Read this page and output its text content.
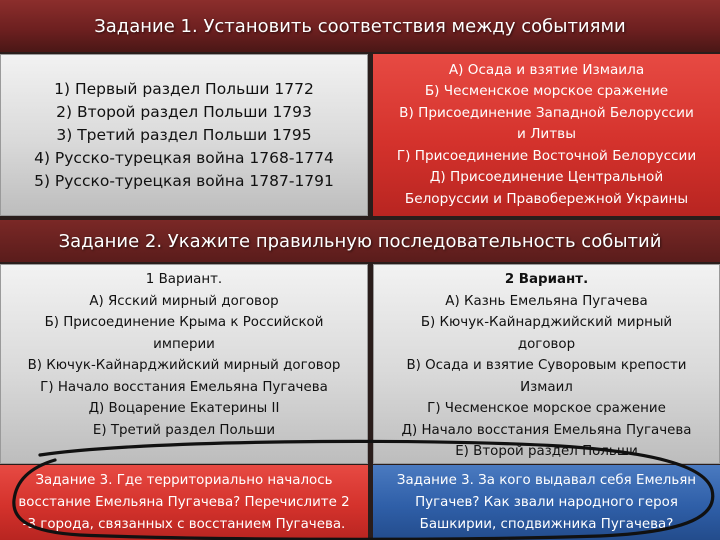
Задание 1. Установить соответствия между событиями
1) Первый раздел Польши 1772
2) Второй раздел Польши 1793
3) Третий раздел Польши 1795
4) Русско-турецкая война 1768-1774
5) Русско-турецкая война 1787-1791
А) Осада и взятие Измаила
Б) Чесменское морское сражение
В) Присоединение Западной Белоруссии
и Литвы
Г) Присоединение Восточной Белоруссии
Д) Присоединение Центральной
Белоруссии и Правобережной Украины
Задание 2. Укажите правильную последовательность событий
1 Вариант.
А) Ясский мирный договор
Б) Присоединение Крыма к Российской
империи
В) Кючук-Кайнарджийский мирный договор
Г) Начало восстания Емельяна Пугачева
Д) Воцарение Екатерины II
Е) Третий раздел Польши
2 Вариант.
А) Казнь Емельяна Пугачева
Б) Кючук-Кайнарджийский мирный
договор
В) Осада и взятие Суворовым крепости
Измаил
Г) Чесменское морское сражение
Д) Начало восстания Емельяна Пугачева
Е) Второй раздел Польши
Задание 3. Где территориально началось
восстание Емельяна Пугачева? Перечислите 2
-3 города, связанных с восстанием Пугачева.
Задание 3. За кого выдавал себя Емельян
Пугачев? Как звали народного героя
Башкирии, сподвижника Пугачева?
